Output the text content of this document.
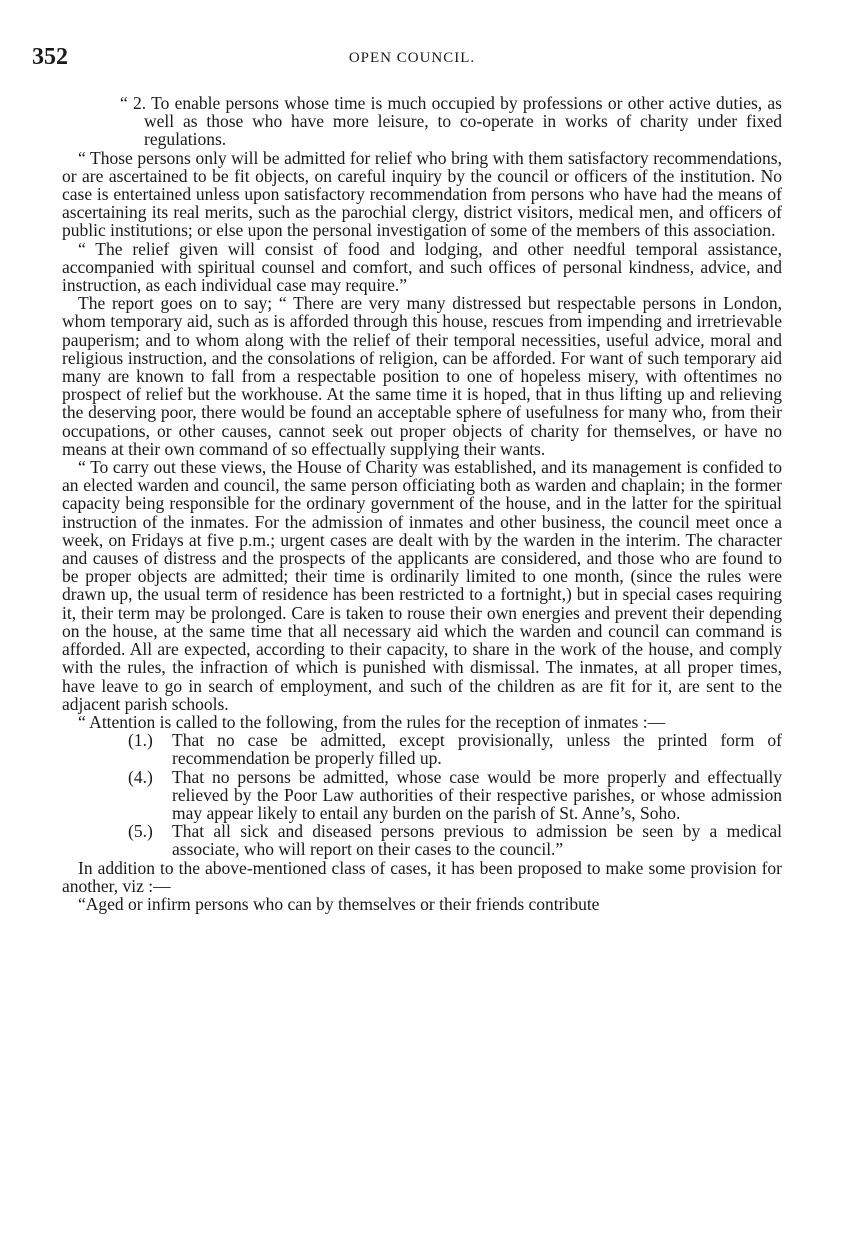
352	OPEN COUNCIL.

“ 2. To enable persons whose time is much occupied by professions or other active duties, as well as those who have more leisure, to co-operate in works of charity under fixed regulations.

“ Those persons only will be admitted for relief who bring with them satisfactory recommendations, or are ascertained to be fit objects, on careful inquiry by the council or officers of the institution. No case is entertained unless upon satisfactory recommendation from persons who have had the means of ascertaining its real merits, such as the parochial clergy, district visitors, medical men, and officers of public institutions; or else upon the personal investigation of some of the members of this association.

“ The relief given will consist of food and lodging, and other needful temporal assistance, accompanied with spiritual counsel and comfort, and such offices of personal kindness, advice, and instruction, as each individual case may require.”

The report goes on to say; “ There are very many distressed but respectable persons in London, whom temporary aid, such as is afforded through this house, rescues from impending and irretrievable pauperism; and to whom along with the relief of their temporal necessities, useful advice, moral and religious instruction, and the consolations of religion, can be afforded. For want of such temporary aid many are known to fall from a respectable position to one of hopeless misery, with oftentimes no prospect of relief but the workhouse. At the same time it is hoped, that in thus lifting up and relieving the deserving poor, there would be found an acceptable sphere of usefulness for many who, from their occupations, or other causes, cannot seek out proper objects of charity for themselves, or have no means at their own command of so effectually supplying their wants.

“ To carry out these views, the House of Charity was established, and its management is confided to an elected warden and council, the same person officiating both as warden and chaplain; in the former capacity being responsible for the ordinary government of the house, and in the latter for the spiritual instruction of the inmates. For the admission of inmates and other business, the council meet once a week, on Fridays at five p.m.; urgent cases are dealt with by the warden in the interim. The character and causes of distress and the prospects of the applicants are considered, and those who are found to be proper objects are admitted; their time is ordinarily limited to one month, (since the rules were drawn up, the usual term of residence has been restricted to a fortnight,) but in special cases requiring it, their term may be prolonged. Care is taken to rouse their own energies and prevent their depending on the house, at the same time that all necessary aid which the warden and council can command is afforded. All are expected, according to their capacity, to share in the work of the house, and comply with the rules, the infraction of which is punished with dismissal. The inmates, at all proper times, have leave to go in search of employment, and such of the children as are fit for it, are sent to the adjacent parish schools.

“ Attention is called to the following, from the rules for the reception of inmates :—

(1.)	That no case be admitted, except provisionally, unless the printed form of recommendation be properly filled up.

(4.)	That no persons be admitted, whose case would be more properly and effectually relieved by the Poor Law authorities of their respective parishes, or whose admission may appear likely to entail any burden on the parish of St. Anne’s, Soho.

(5.)	That all sick and diseased persons previous to admission be seen by a medical associate, who will report on their cases to the council.”

In addition to the above-mentioned class of cases, it has been proposed to make some provision for another, viz :—

“Aged or infirm persons who can by themselves or their friends contribute
